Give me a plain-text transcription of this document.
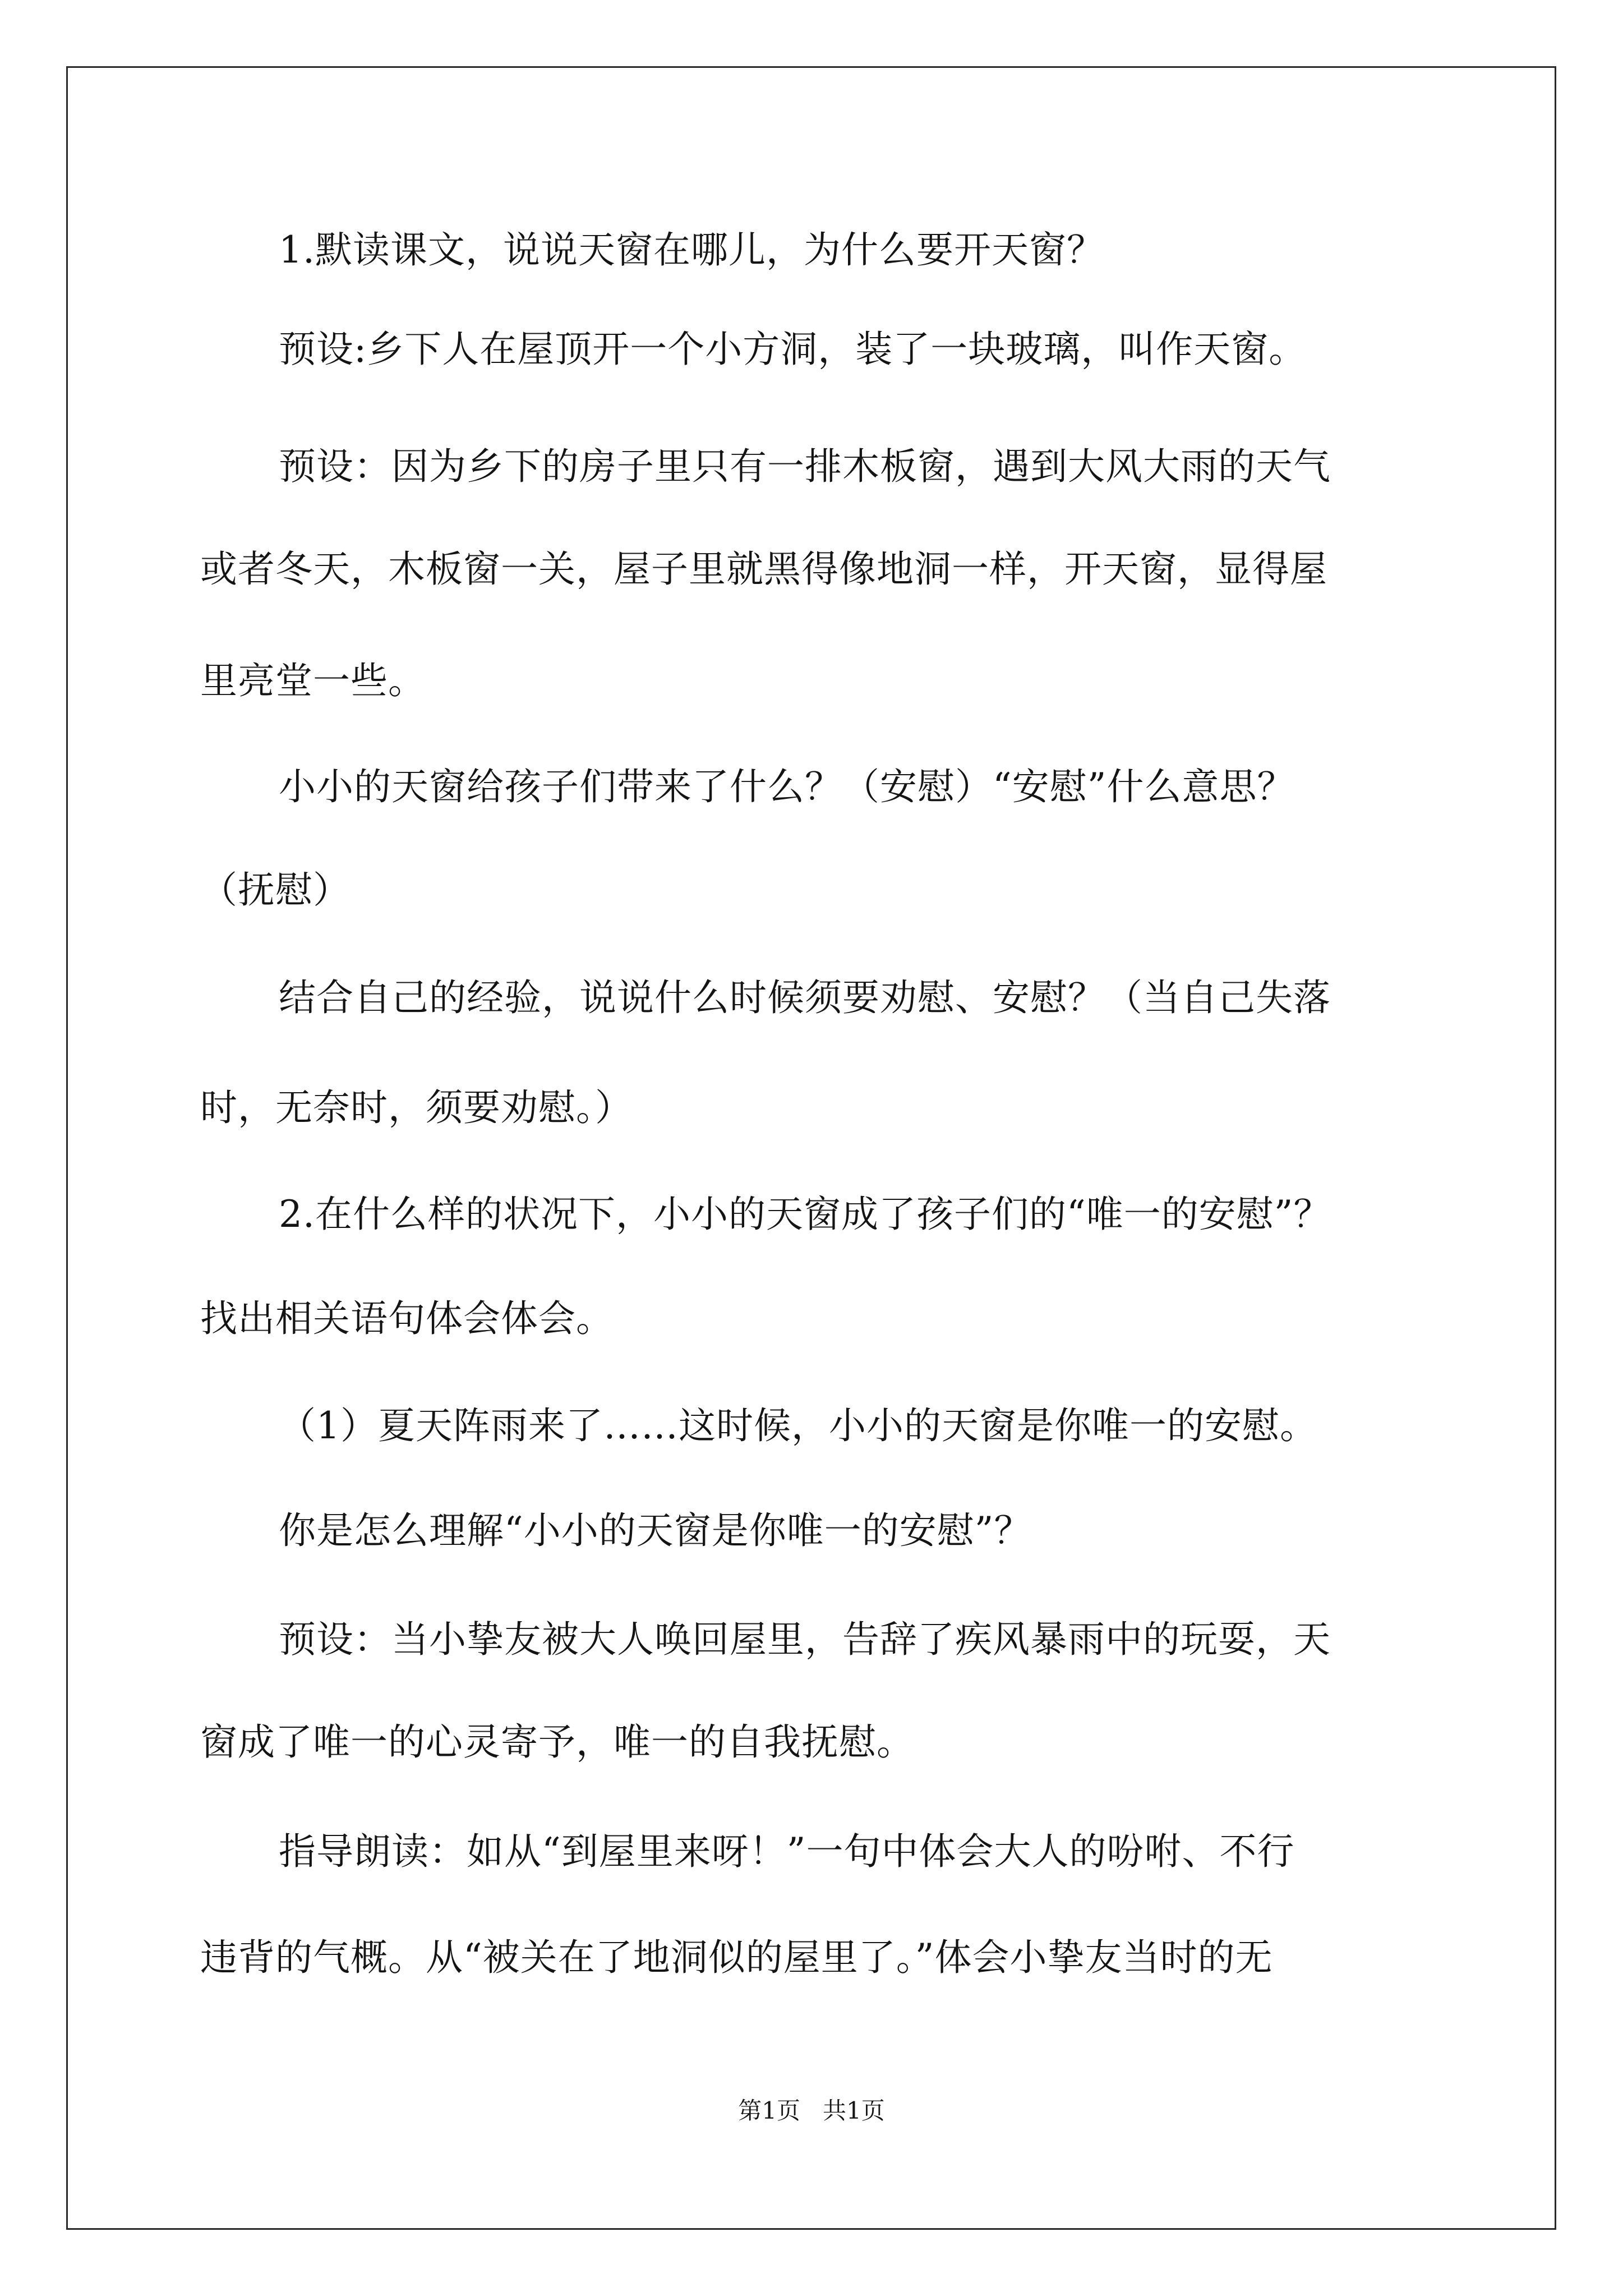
1.默读课文，说说天窗在哪儿，为什么要开天窗？
预设:乡下人在屋顶开一个小方洞，装了一块玻璃，叫作天窗。
预设：因为乡下的房子里只有一排木板窗，遇到大风大雨的天气
或者冬天，木板窗一关，屋子里就黑得像地洞一样，开天窗，显得屋
里亮堂一些。
小小的天窗给孩子们带来了什么？（安慰）“安慰”什么意思？
（抚慰）
结合自己的经验，说说什么时候须要劝慰、安慰？（当自己失落
时，无奈时，须要劝慰。）
2.在什么样的状况下，小小的天窗成了孩子们的“唯一的安慰”？
找出相关语句体会体会。
（1）夏天阵雨来了……这时候，小小的天窗是你唯一的安慰。
你是怎么理解“小小的天窗是你唯一的安慰”？
预设：当小挚友被大人唤回屋里，告辞了疾风暴雨中的玩耍，天
窗成了唯一的心灵寄予，唯一的自我抚慰。
指导朗读：如从“到屋里来呀！”一句中体会大人的吩咐、不行
违背的气概。从“被关在了地洞似的屋里了。”体会小挚友当时的无
第1页   共1页
